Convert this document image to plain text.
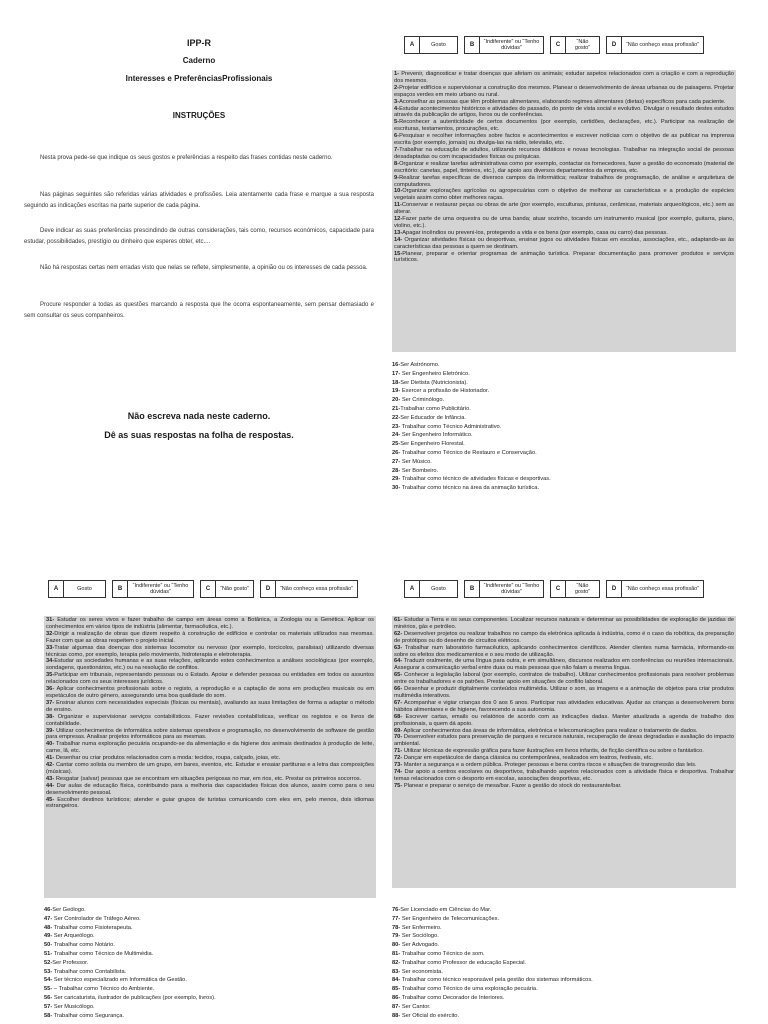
IPP-R
Caderno
Interesses e PreferênciasProfissionais
INSTRUÇÕES
Nesta prova pede-se que indique os seus gostos e preferências a respeito das frases contidas neste caderno.
Nas páginas seguintes são referidas várias atividades e profissões. Leia atentamente cada frase e marque a sua resposta seguindo as indicações escritas na parte superior de cada página.
Deve indicar as suas preferências prescindindo de outras considerações, tais como, recursos económicos, capacidade para estudar, possibilidades, prestígio ou dinheiro que esperes obter, etc....
Não há respostas certas nem erradas visto que nelas se reflete, simplesmente, a opinião ou os interesses de cada pessoa.
Procure responder a todas as questões marcando a resposta que lhe ocorra espontaneamente, sem pensar demasiado e sem consultar os seus companheiros.
Não escreva nada neste caderno.
Dê as suas respostas na folha de respostas.
A	Gosto	B	“Indiferente” ou “Tenho dúvidas”	C	“Não gosto”	D	“Não conheço essa profissão”

1- Prevenir, diagnosticar e tratar doenças que afetam os animais; estudar aspetos relacionados com a criação e com a reprodução dos mesmos.

2-Projetar edifícios e supervisionar a construção dos mesmos. Planear o desenvolvimento de áreas urbanas ou de paisagens. Projetar espaços verdes em meio urbano ou rural.

3-Aconselhar as pessoas que têm problemas alimentares, elaborando regimes alimentares (dietas) específicos para cada paciente.

4-Estudar acontecimentos históricos e atividades do passado, do ponto de vista social e evolutivo. Divulgar o resultado destes estudos através da publicação de artigos, livros ou de conferências.

5-Reconhecer a autenticidade de certos documentos (por exemplo, certidões, declarações, etc.). Participar na realização de escrituras, testamentos, procurações, etc.

6-Pesquisar e recolher informações sobre factos e acontecimentos e escrever notícias com o objetivo de as publicar na imprensa escrita (por exemplo, jornais) ou divulga-las na rádio, televisão, etc.

7-Trabalhar na educação de adultos, utilizando recursos didáticos e novas tecnologias. Trabalhar na integração social de pessoas desadaptadas ou com incapacidades físicas ou psíquicas.

8-Organizar e realizar tarefas administrativas como por exemplo, contactar os fornecedores, fazer a gestão do economato (material de escritório: canetas, papel, tinteiros, etc.), dar apoio aos diversos departamentos da empresa, etc.

9-Realizar tarefas específicas de diversos campos da informática; realizar trabalhos de programação, de análise e arquitetura de computadores.

10-Organizar explorações agrícolas ou agropecuárias com o objetivo de melhorar as características e a produção de espécies vegetais assim como obter melhores raças.

11-Conservar e restaurar peças ou obras de arte (por exemplo, esculturas, pinturas, cerâmicas, materiais arqueológicos, etc.) sem as alterar.

12-Fazer parte de uma orquestra ou de uma banda; atuar sozinho, tocando um instrumento musical (por exemplo, guitarra, piano, violino, etc.).

13-Apagar incêndios ou preveni-los, protegendo a vida e os bens (por exemplo, casa ou carro) das pessoas.

14- Organizar atividades físicas ou desportivas, ensinar jogos ou atividades físicas em escolas, associações, etc., adaptando-as às características das pessoas a quem se destinam.

15-Planear, preparar e orientar programas de animação turística. Preparar documentação para promover produtos e serviços turísticos.

16-Ser Astrónomo.

17- Ser Engenheiro Eletrónico.

18-Ser Dietista (Nutricionista).

19- Exercer a profissão de Historiador.

20- Ser Criminólogo.

21-Trabalhar como Publicitário.

22-Ser Educador de Infância.

23- Trabalhar como Técnico Administrativo.

24- Ser Engenheiro Informático.

25-Ser Engenheiro Florestal.

26- Trabalhar como Técnico de Restauro e Conservação.

27- Ser Músico.

28- Ser Bombeiro.

29- Trabalhar como técnico de atividades físicas e desportivas.

30- Trabalhar como técnico na área da animação turística.

A	Gosto	B	“Indiferente” ou “Tenho dúvidas”	C	“Não gosto”	D	“Não conheço essa profissão”

31- Estudar os seres vivos e fazer trabalho de campo em áreas como a Botânica, a Zoologia ou a Genética. Aplicar os conhecimentos em vários tipos de indústria (alimentar, farmacêutica, etc.).

32-Dirigir a realização de obras que dizem respeito à construção de edifícios e controlar os materiais utilizados nas mesmas. Fazer com que as obras respeitem o projeto inicial.

33-Tratar algumas das doenças dos sistemas locomotor ou nervoso (por exemplo, torcicolos, paralisias) utilizando diversas técnicas como, por exemplo, terapia pelo movimento, hidroterapia e eletroterapia.

34-Estudar as sociedades humanas e as suas relações, aplicando estes conhecimentos a análises sociológicas (por exemplo, sondagens, questionários, etc.) ou na resolução de conflitos.

35-Participar em tribunais, representando pessoas ou o Estado. Apoiar e defender pessoas ou entidades em todos os assuntos relacionados com os seus interesses jurídicos.

36- Aplicar conhecimentos profissionais sobre o registo, a reprodução e a captação de sons em produções musicais ou em espetáculos de outro género, assegurando uma boa qualidade do som.

37- Ensinar alunos com necessidades especiais (físicas ou mentais), avaliando as suas limitações de forma a adaptar o método de ensino.

38- Organizar e supervisionar serviços contabilísticos. Fazer revisões contabilísticas, verificar os registos e os livros de contabilidade.

39- Utilizar conhecimentos de informática sobre sistemas operativos e programação, no desenvolvimento de software de gestão para empresas. Analisar projetos informáticos para as mesmas.

40- Trabalhar numa exploração pecuária ocupando-se da alimentação e da higiene dos animais destinados à produção de leite, carne, lã, etc.

41- Desenhar ou criar produtos relacionados com a moda: tecidos, roupa, calçado, joias, etc.

42- Cantar como solista ou membro de um grupo, em bares, eventos, etc. Estudar e ensaiar partituras e a letra das composições (músicas).

43- Resgatar (salvar) pessoas que se encontram em situações perigosas no mar, em rios, etc. Prestar os primeiros socorros.

44- Dar aulas de educação física, contribuindo para a melhoria das capacidades físicas dos alunos, assim como para o seu desenvolvimento pessoal.

45- Escolher destinos turísticos; atender e guiar grupos de turistas comunicando com eles em, pelo menos, dois idiomas estrangeiros.

46-Ser Geólogo.

47- Ser Controlador de Tráfego Aéreo.

48- Trabalhar como Fisioterapeuta.

49- Ser Arqueólogo.

50- Trabalhar como Notário.

51- Trabalhar como Técnico de Multimédia.

52-Ser Professor.

53- Trabalhar como Contabilista.

54- Ser técnico especializado em Informática de Gestão.

55- – Trabalhar como Técnico do Ambiente.

56- Ser caricaturista, ilustrador de publicações (por exemplo, livros).

57- Ser Musicólogo.

58- Trabalhar como Segurança.

A	Gosto	B	“Indiferente” ou “Tenho dúvidas”	C	“Não gosto”	D	“Não conheço essa profissão”

61- Estudar a Terra e os seus componentes. Localizar recursos naturais e determinar as possibilidades de exploração de jazidas de minérios, gás e petróleo.

62- Desenvolver projetos ou realizar trabalhos no campo da eletrónica aplicada à indústria, como é o caso da robótica, da preparação de protótipos ou do desenho de circuitos elétricos.

63- Trabalhar num laboratório farmacêutico, aplicando conhecimentos científicos. Atender clientes numa farmácia, informando-os sobre os efeitos dos medicamentos e o seu modo de utilização.

64- Traduzir oralmente, de uma língua para outra, e em simultâneo, discursos realizados em conferências ou reuniões internacionais. Assegurar a comunicação verbal entre duas ou mais pessoas que não falam a mesma língua.

65- Conhecer a legislação laboral (por exemplo, contratos de trabalho). Utilizar conhecimentos profissionais para resolver problemas entre os trabalhadores e os patrões. Prestar apoio em situações de conflito laboral.

66- Desenhar e produzir digitalmente conteúdos multimédia. Utilizar o som, as imagens e a animação de objetos para criar produtos multimédia interativos.

67- Acompanhar e vigiar crianças dos 0 aos 6 anos. Participar nas atividades educativas. Ajudar as crianças a desenvolverem bons hábitos alimentares e de higiene, favorecendo a sua autonomia.

68- Escrever cartas, emails ou relatórios de acordo com as indicações dadas. Manter atualizada a agenda de trabalho dos profissionais, a quem dá apoio.

69- Aplicar conhecimentos das áreas de informática, eletrónica e telecomunicações para realizar o tratamento de dados.

70- Desenvolver estudos para preservação de parques e recursos naturais, recuperação de áreas degradadas e avaliação do impacto ambiental.

71- Utilizar técnicas de expressão gráfica para fazer ilustrações em livros infantis, de ficção científica ou sobre o fantástico.

72- Dançar em espetáculos de dança clássica ou contemporânea, realizados em teatros, festivais, etc.

73- Manter a segurança e a ordem pública. Proteger pessoas e bens contra riscos e situações de transgressão das leis.

74- Dar apoio a centros escolares ou desportivos, trabalhando aspetos relacionados com a atividade física e desportiva. Trabalhar temas relacionados com o desporto em escolas, associações desportivas, etc.

75- Planear e preparar o serviço de mesa/bar. Fazer a gestão do stock do restaurante/bar.

76-Ser Licenciado em Ciências do Mar.

77- Ser Engenheiro de Telecomunicações.

78- Ser Enfermeiro.

79- Ser Sociólogo.

80- Ser Advogado.

81- Trabalhar como Técnico de som.

82- Trabalhar como Professor de educação Especial.

83- Ser economista.

84- Trabalhar como técnico responsável pela gestão dos sistemas informáticos.

85- Trabalhar como Técnico de uma exploração pecuária.

86- Trabalhar como Decorador de Interiores.

87- Ser Cantor.

88- Ser Oficial do exército.
